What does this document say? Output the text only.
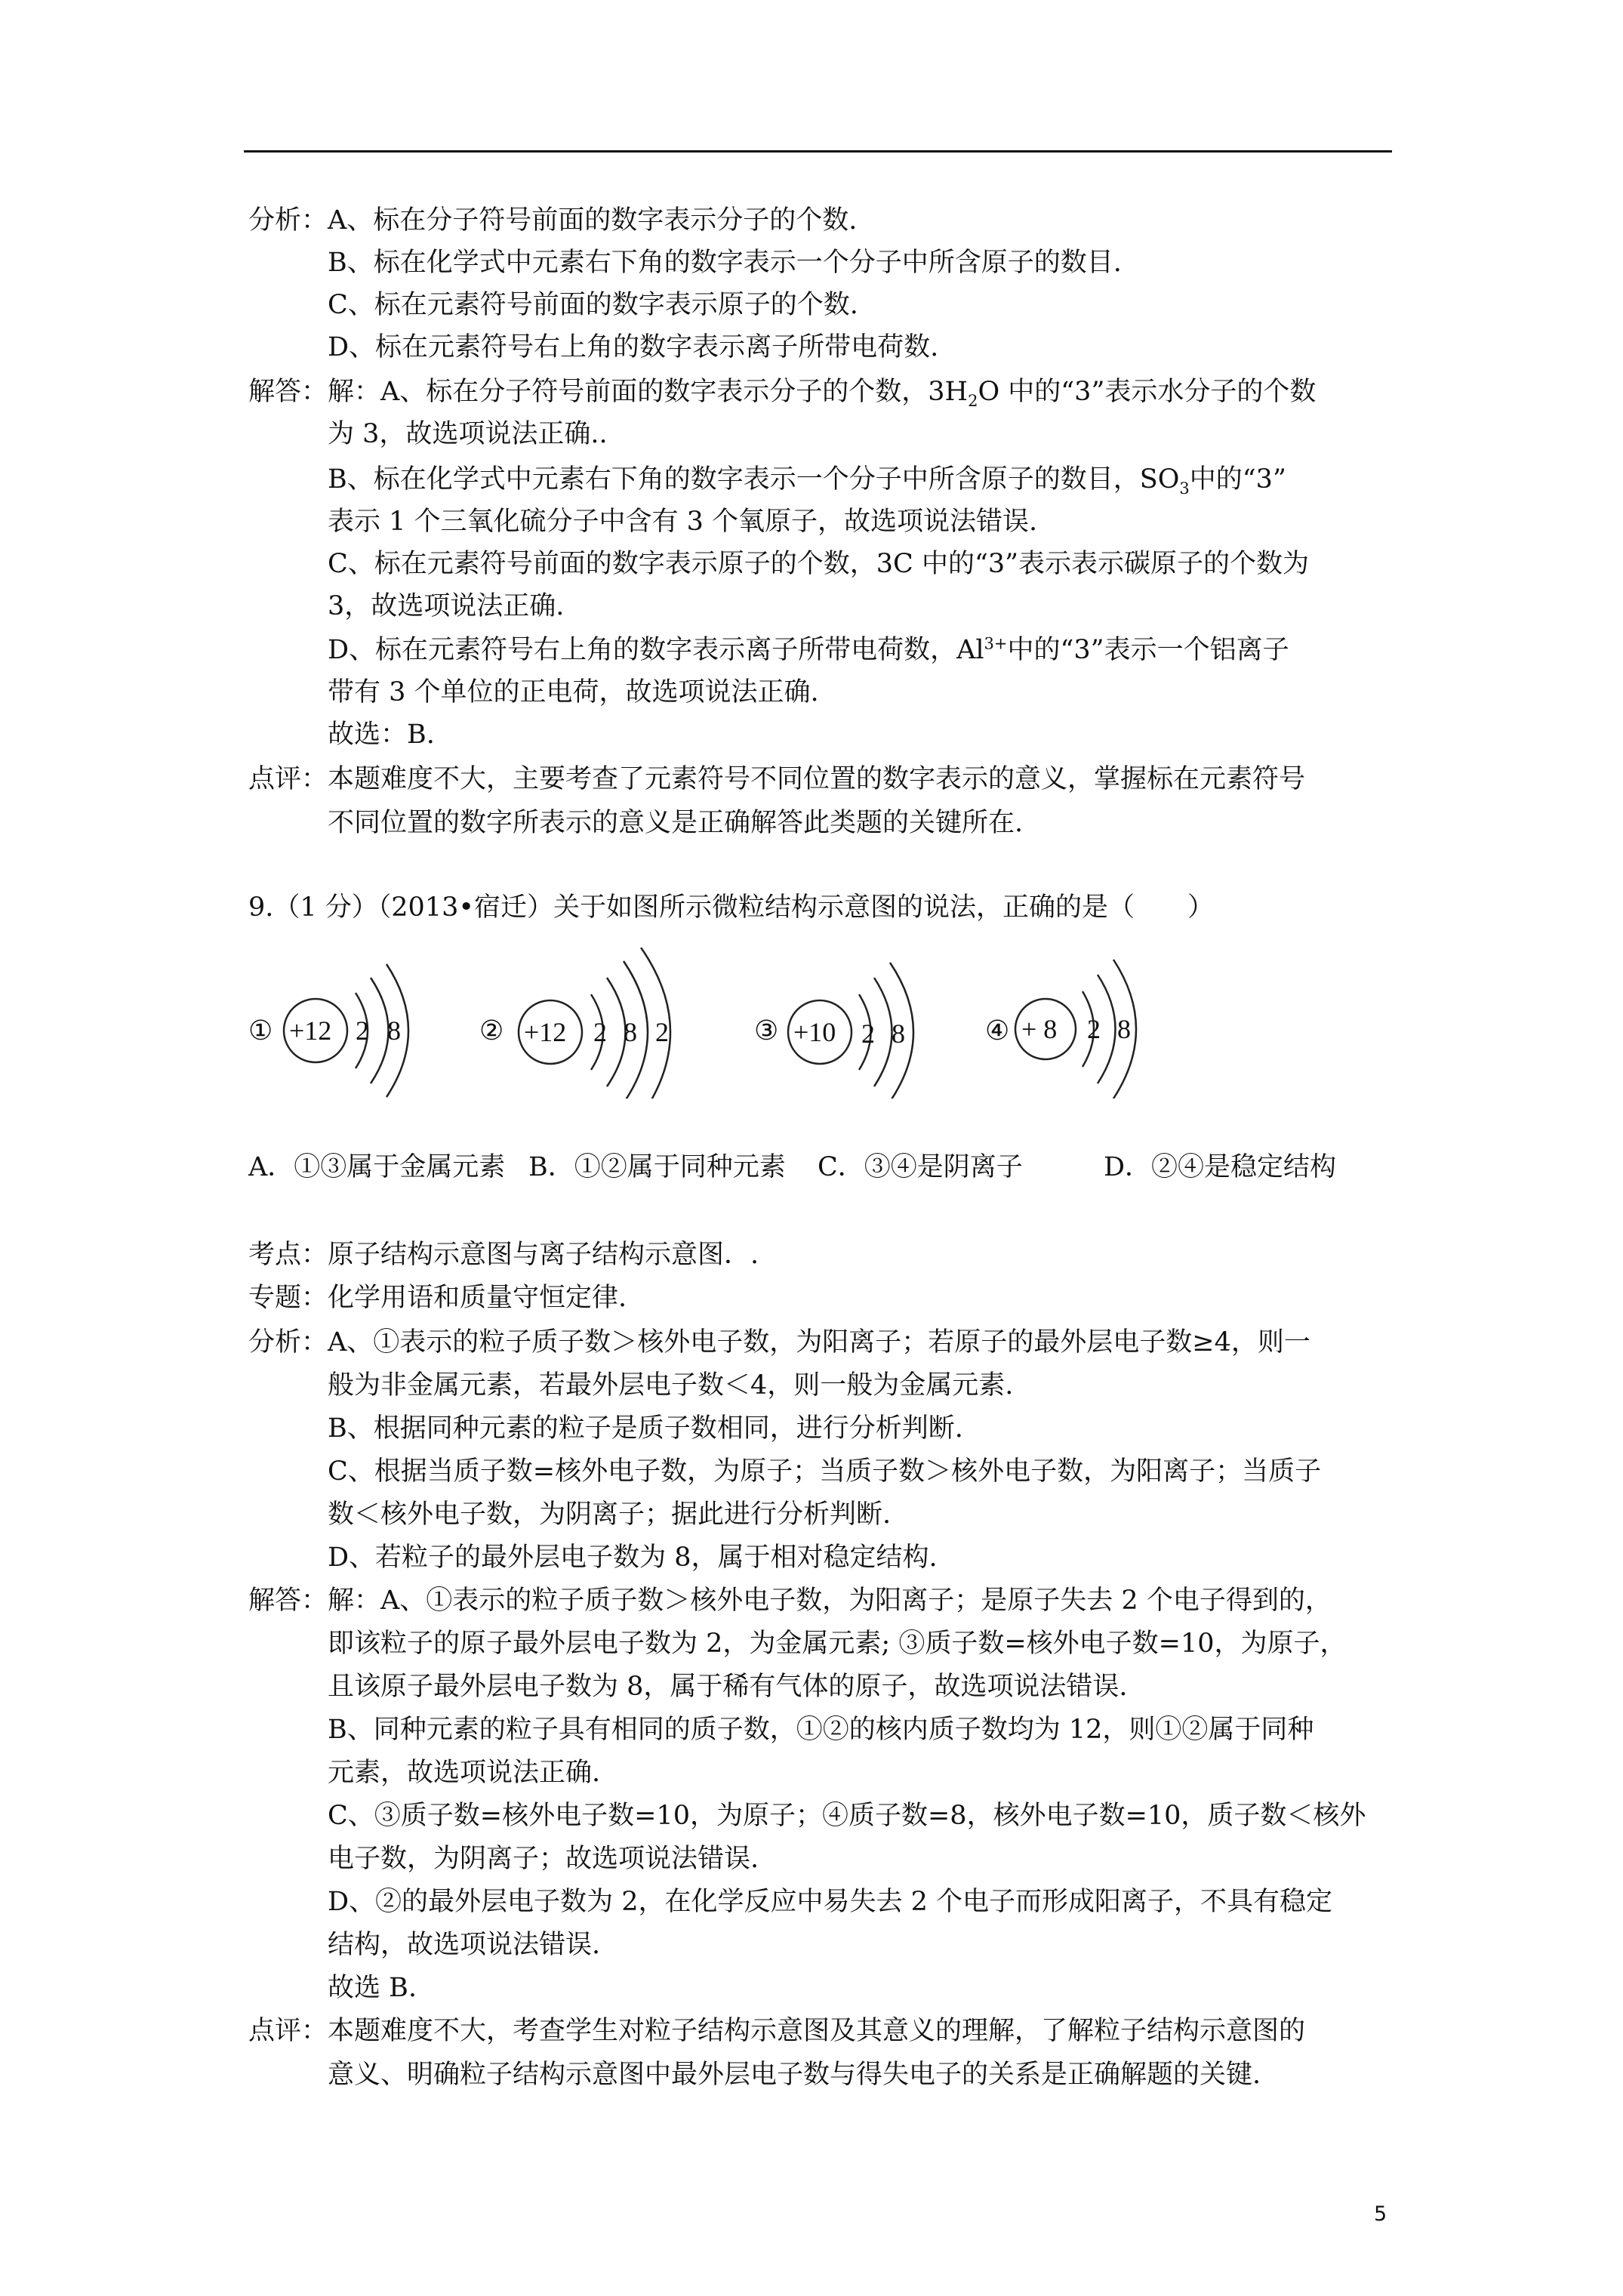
分析：A、标在分子符号前面的数字表示分子的个数.
B、标在化学式中元素右下角的数字表示一个分子中所含原子的数目.
C、标在元素符号前面的数字表示原子的个数.
D、标在元素符号右上角的数字表示离子所带电荷数.
解答：解：A、标在分子符号前面的数字表示分子的个数，$3H_2O$ 中的“3”表示水分子的个数
为 3，故选项说法正确..
B、标在化学式中元素右下角的数字表示一个分子中所含原子的数目，$SO_3$中的“3”
表示 1 个三氧化硫分子中含有 3 个氧原子，故选项说法错误.
C、标在元素符号前面的数字表示原子的个数，3C 中的“3”表示表示碳原子的个数为
3，故选项说法正确.
D、标在元素符号右上角的数字表示离子所带电荷数，$Al^{3+}$中的“3”表示一个铝离子
带有 3 个单位的正电荷，故选项说法正确.
故选：B.
点评：本题难度不大，主要考查了元素符号不同位置的数字表示的意义，掌握标在元素符号
不同位置的数字所表示的意义是正确解答此类题的关键所在.
9.（1 分）（2013•宿迁）关于如图所示微粒结构示意图的说法，正确的是（　　）
① +12 2 8	② +12 2 8 2	③ +10 2 8	④ + 8 2 8
A．①③属于金属元素 B．①②属于同种元素 C．③④是阴离子	D．②④是稳定结构
考点：原子结构示意图与离子结构示意图．.
专题：化学用语和质量守恒定律.
分析：A、①表示的粒子质子数＞核外电子数，为阳离子；若原子的最外层电子数≥4，则一
般为非金属元素，若最外层电子数＜4，则一般为金属元素.
B、根据同种元素的粒子是质子数相同，进行分析判断.
C、根据当质子数=核外电子数，为原子；当质子数＞核外电子数，为阳离子；当质子
数＜核外电子数，为阴离子；据此进行分析判断.
D、若粒子的最外层电子数为 8，属于相对稳定结构.
解答：解：A、①表示的粒子质子数＞核外电子数，为阳离子；是原子失去 2 个电子得到的，
即该粒子的原子最外层电子数为 2，为金属元素; ③质子数=核外电子数=10，为原子，
且该原子最外层电子数为 8，属于稀有气体的原子，故选项说法错误.
B、同种元素的粒子具有相同的质子数，①②的核内质子数均为 12，则①②属于同种
元素，故选项说法正确.
C、③质子数=核外电子数=10，为原子；④质子数=8，核外电子数=10，质子数＜核外
电子数，为阴离子；故选项说法错误.
D、②的最外层电子数为 2，在化学反应中易失去 2 个电子而形成阳离子，不具有稳定
结构，故选项说法错误.
故选 B.
点评：本题难度不大，考查学生对粒子结构示意图及其意义的理解，了解粒子结构示意图的
意义、明确粒子结构示意图中最外层电子数与得失电子的关系是正确解题的关键.
5
